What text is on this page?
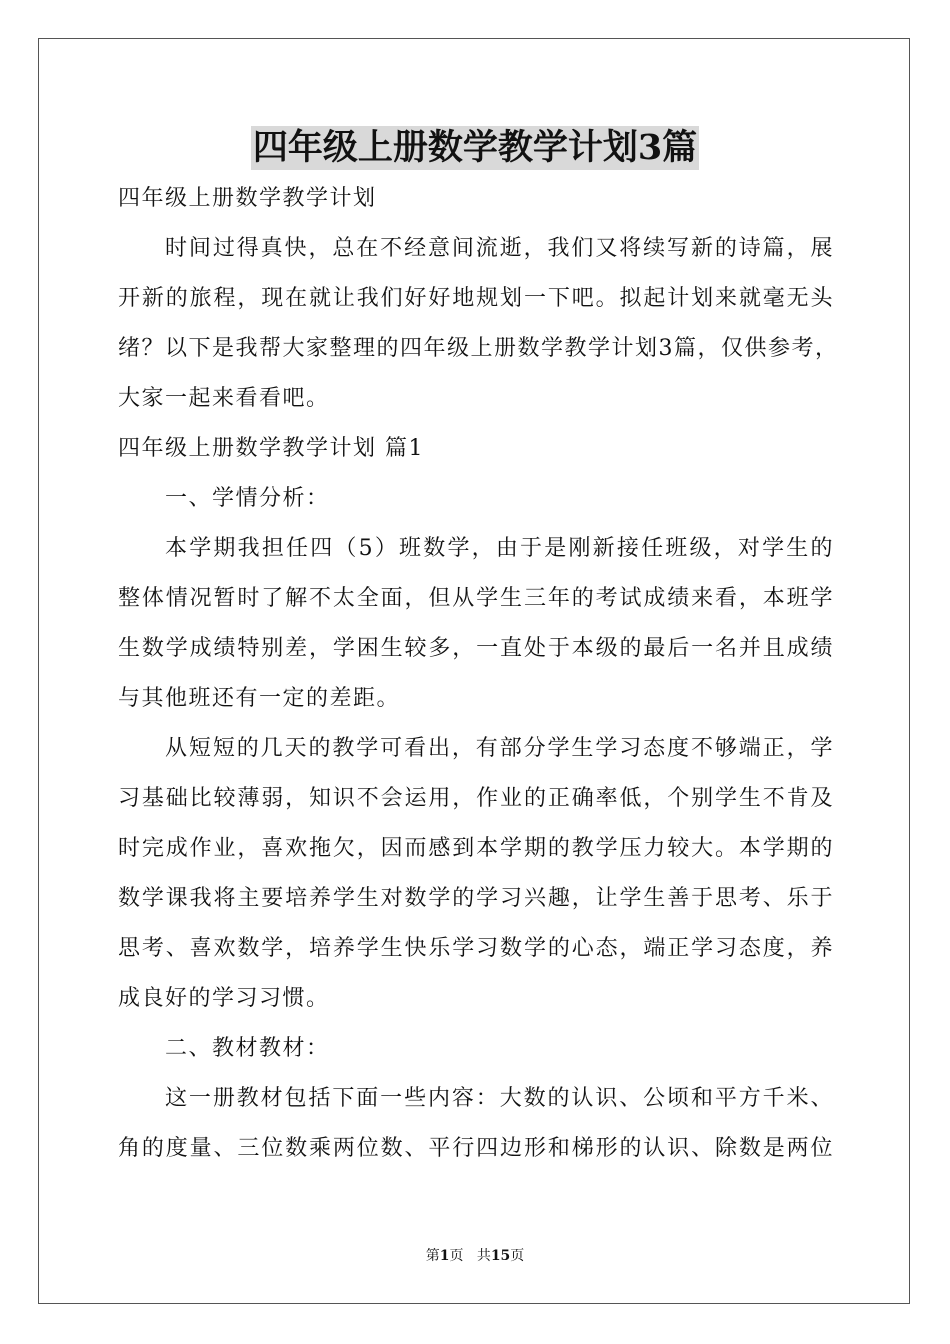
四年级上册数学教学计划3篇
四年级上册数学教学计划
时间过得真快，总在不经意间流逝，我们又将续写新的诗篇，展
开新的旅程，现在就让我们好好地规划一下吧。拟起计划来就毫无头
绪？以下是我帮大家整理的四年级上册数学教学计划3篇，仅供参考，
大家一起来看看吧。
四年级上册数学教学计划 篇1
一、学情分析：
本学期我担任四（5）班数学，由于是刚新接任班级，对学生的
整体情况暂时了解不太全面，但从学生三年的考试成绩来看，本班学
生数学成绩特别差，学困生较多，一直处于本级的最后一名并且成绩
与其他班还有一定的差距。
从短短的几天的教学可看出，有部分学生学习态度不够端正，学
习基础比较薄弱，知识不会运用，作业的正确率低，个别学生不肯及
时完成作业，喜欢拖欠，因而感到本学期的教学压力较大。本学期的
数学课我将主要培养学生对数学的学习兴趣，让学生善于思考、乐于
思考、喜欢数学，培养学生快乐学习数学的心态，端正学习态度，养
成良好的学习习惯。
二、教材教材：
这一册教材包括下面一些内容：大数的认识、公顷和平方千米、
角的度量、三位数乘两位数、平行四边形和梯形的认识、除数是两位
第1页 共15页
